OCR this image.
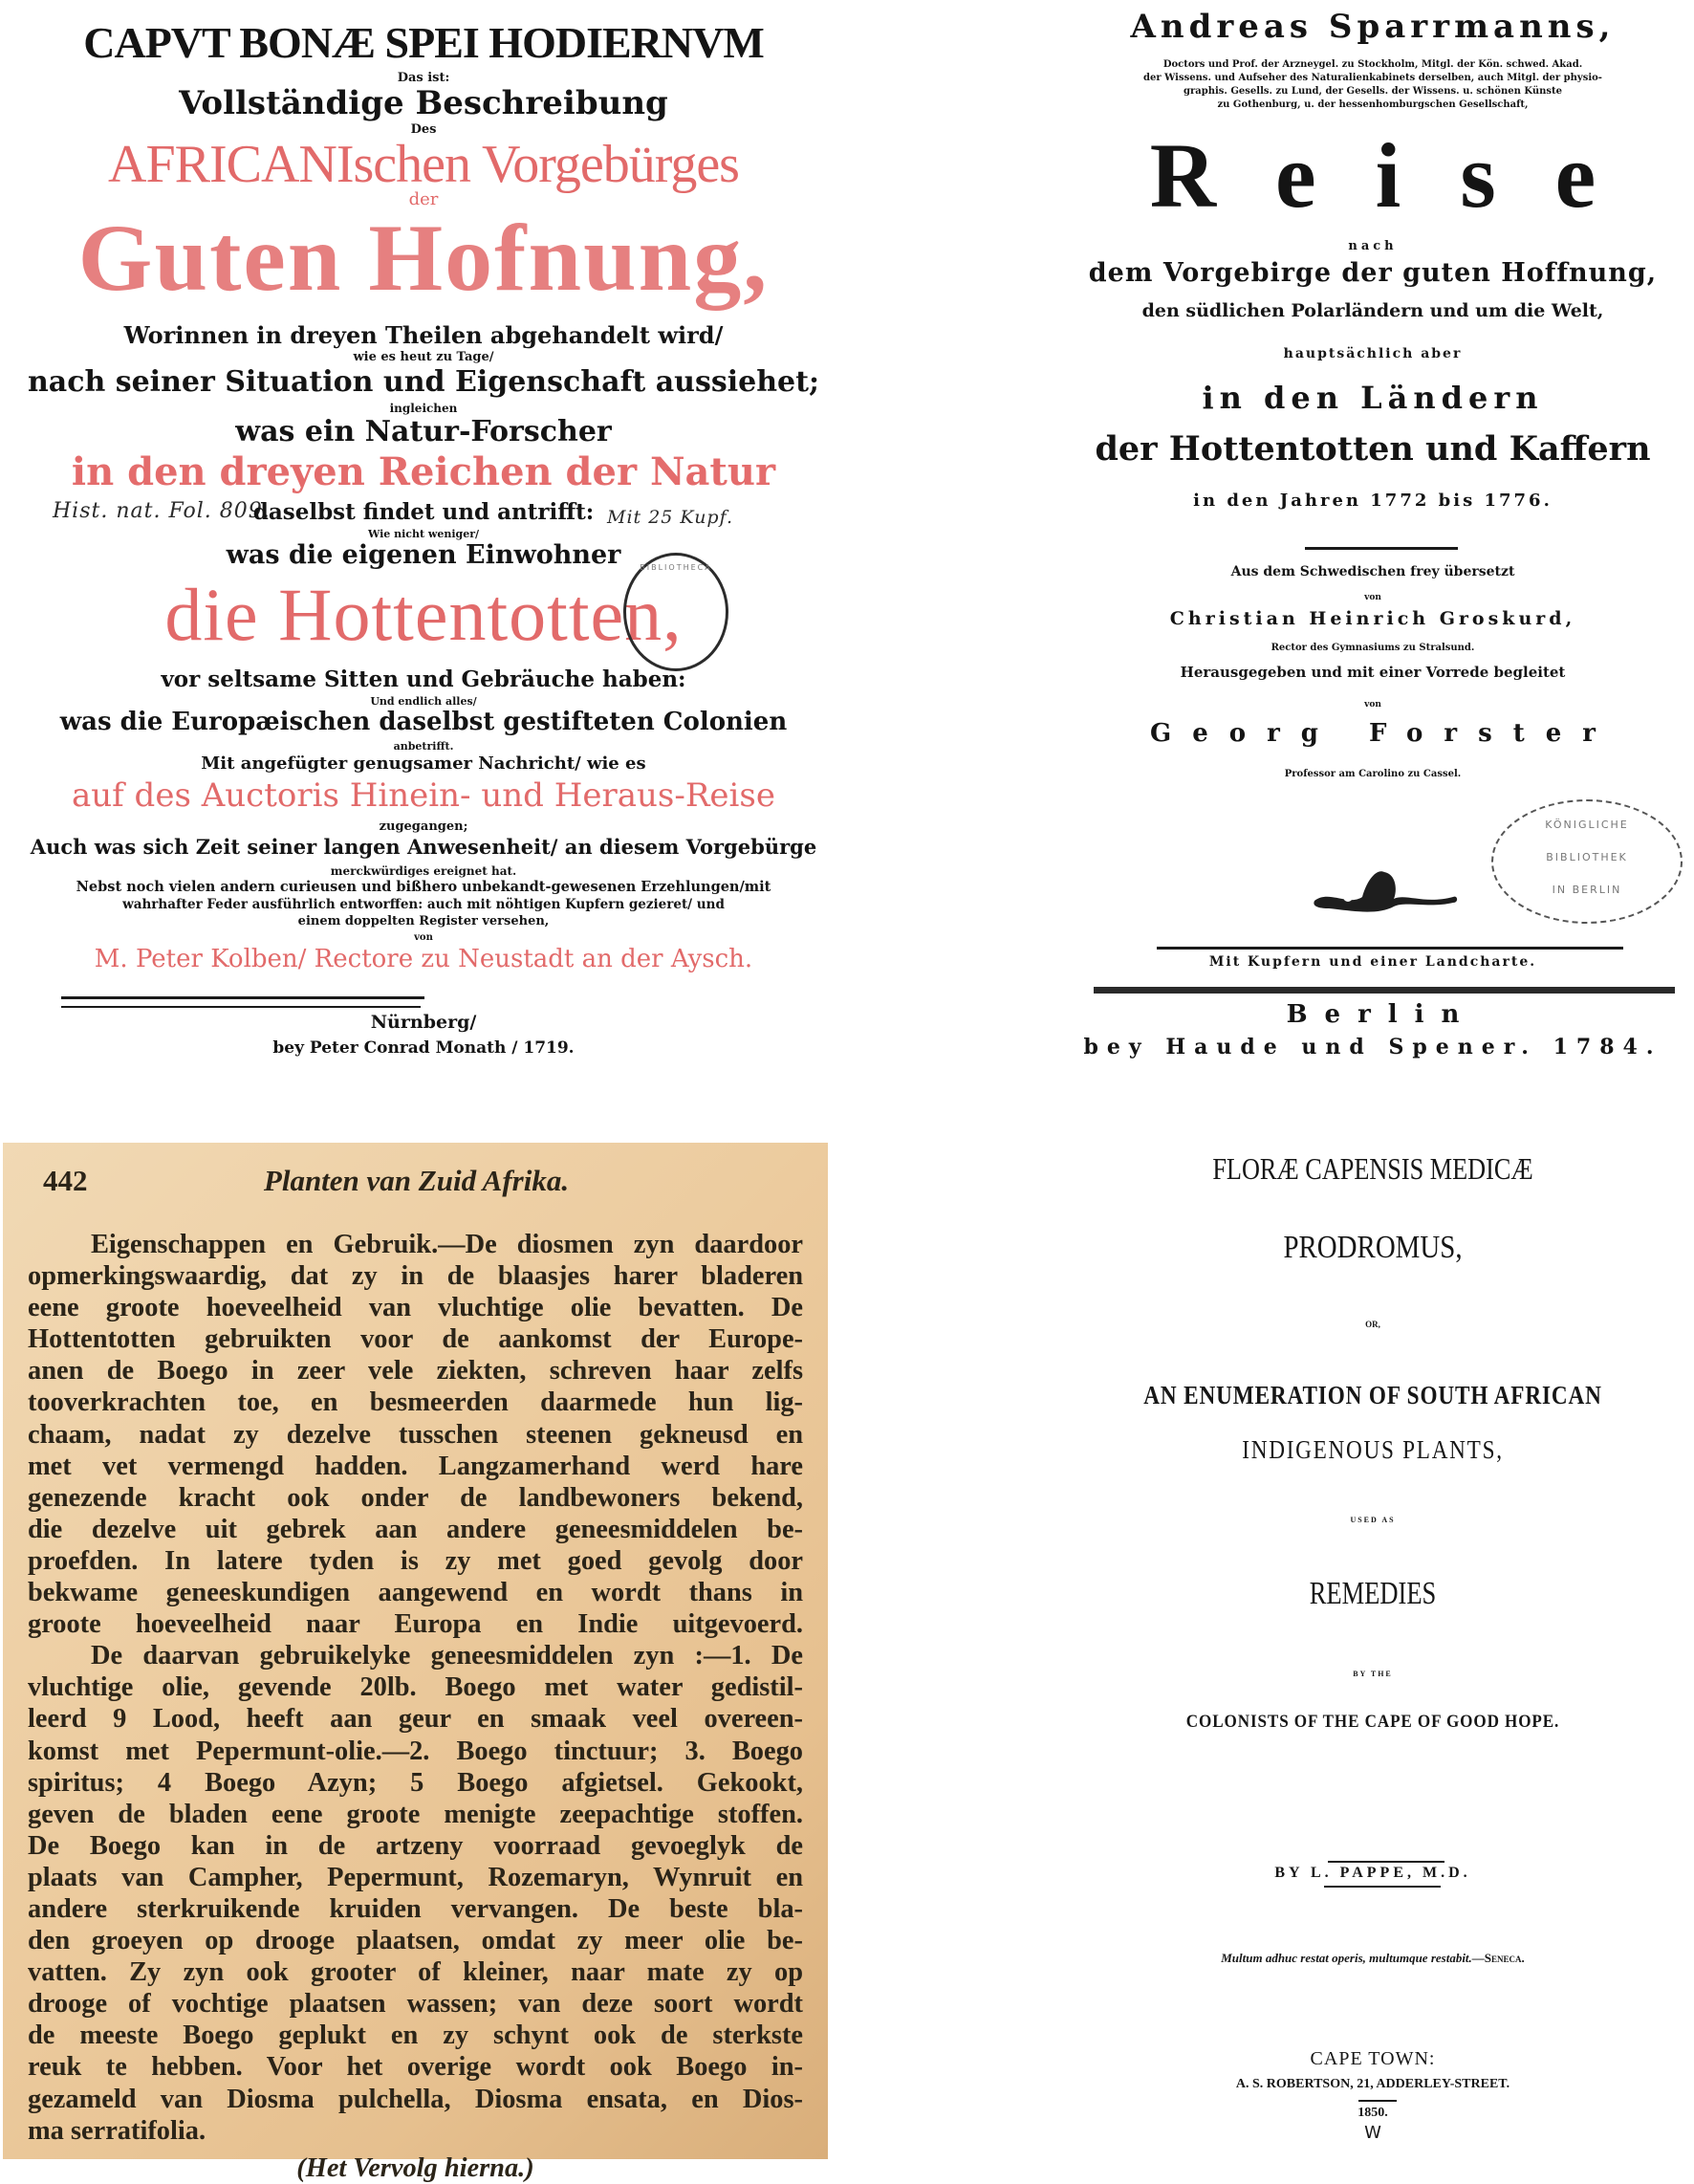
CAPVT BONÆ SPEI HODIERNVM
Das ist:
Vollständige Beschreibung
Des
AFRICANIschen Vorgebürges
der
Guten Hofnung,
Worinnen in dreyen Theilen abgehandelt wird/
wie es heut zu Tage/
nach seiner Situation und Eigenschaft aussiehet;
ingleichen
was ein Natur-Forscher
in den dreyen Reichen der Natur
Hist. nat. Fol. 809.
daselbst findet und antrifft: Mit 25 Kupf.
Wie nicht weniger/
was die eigenen Einwohner
die Hottentotten,
BIBLIOTHECA
vor seltsame Sitten und Gebräuche haben:
Und endlich alles/
was die Europæischen daselbst gestifteten Colonien
anbetrifft.
Mit angefügter genugsamer Nachricht/ wie es
auf des Auctoris Hinein- und Heraus-Reise
zugegangen;
Auch was sich Zeit seiner langen Anwesenheit/ an diesem Vorgebürge
merckwürdiges ereignet hat.
Nebst noch vielen andern curieusen und bißhero unbekandt-gewesenen Erzehlungen/mit
wahrhafter Feder ausführlich entworffen: auch mit nöhtigen Kupfern gezieret/ und
einem doppelten Register versehen,
von
M. Peter Kolben/ Rectore zu Neustadt an der Aysch.
Nürnberg/
bey Peter Conrad Monath / 1719.
Andreas Sparrmanns,
Doctors und Prof. der Arzneygel. zu Stockholm, Mitgl. der Kön. schwed. Akad.
der Wissens. und Aufseher des Naturalienkabinets derselben, auch Mitgl. der physio-
graphis. Gesells. zu Lund, der Gesells. der Wissens. u. schönen Künste
zu Gothenburg, u. der hessenhomburgschen Gesellschaft,
Reise
nach
dem Vorgebirge der guten Hoffnung,
den südlichen Polarländern und um die Welt,
hauptsächlich aber
in den Ländern
der Hottentotten und Kaffern
in den Jahren 1772 bis 1776.
Aus dem Schwedischen frey übersetzt
von
Christian Heinrich Groskurd,
Rector des Gymnasiums zu Stralsund.
Herausgegeben und mit einer Vorrede begleitet
von
Georg Forster
Professor am Carolino zu Cassel.
KÖNIGLICHE
BIBLIOTHEK
IN BERLIN
Mit Kupfern und einer Landcharte.
Berlin
bey Haude und Spener. 1784.
442	Planten van Zuid Afrika.
Eigenschappen en Gebruik.—De diosmen zyn daardoor
opmerkingswaardig, dat zy in de blaasjes harer bladeren
eene groote hoeveelheid van vluchtige olie bevatten. De
Hottentotten gebruikten voor de aankomst der Europe-
anen de Boego in zeer vele ziekten, schreven haar zelfs
tooverkrachten toe, en besmeerden daarmede hun lig-
chaam, nadat zy dezelve tusschen steenen gekneusd en
met vet vermengd hadden. Langzamerhand werd hare
genezende kracht ook onder de landbewoners bekend,
die dezelve uit gebrek aan andere geneesmiddelen be-
proefden. In latere tyden is zy met goed gevolg door
bekwame geneeskundigen aangewend en wordt thans in
groote hoeveelheid naar Europa en Indie uitgevoerd.
De daarvan gebruikelyke geneesmiddelen zyn :—1. De
vluchtige olie, gevende 20lb. Boego met water gedistil-
leerd 9 Lood, heeft aan geur en smaak veel overeen-
komst met Pepermunt-olie.—2. Boego tinctuur; 3. Boego
spiritus; 4 Boego Azyn; 5 Boego afgietsel. Gekookt,
geven de bladen eene groote menigte zeepachtige stoffen.
De Boego kan in de artzeny voorraad gevoeglyk de
plaats van Campher, Pepermunt, Rozemaryn, Wynruit en
andere sterkruikende kruiden vervangen. De beste bla-
den groeyen op drooge plaatsen, omdat zy meer olie be-
vatten. Zy zyn ook grooter of kleiner, naar mate zy op
drooge of vochtige plaatsen wassen; van deze soort wordt
de meeste Boego geplukt en zy schynt ook de sterkste
reuk te hebben. Voor het overige wordt ook Boego in-
gezameld van Diosma pulchella, Diosma ensata, en Dios-
ma serratifolia.
(Het Vervolg hierna.)
FLORÆ CAPENSIS MEDICÆ
PRODROMUS,
OR,
AN ENUMERATION OF SOUTH AFRICAN
INDIGENOUS PLANTS,
USED AS
REMEDIES
BY THE
COLONISTS OF THE CAPE OF GOOD HOPE.
BY L. PAPPE, M.D.
Multum adhuc restat operis, multumque restabit.—Seneca.
CAPE TOWN:
A. S. ROBERTSON, 21, ADDERLEY-STREET.
1850.
W
